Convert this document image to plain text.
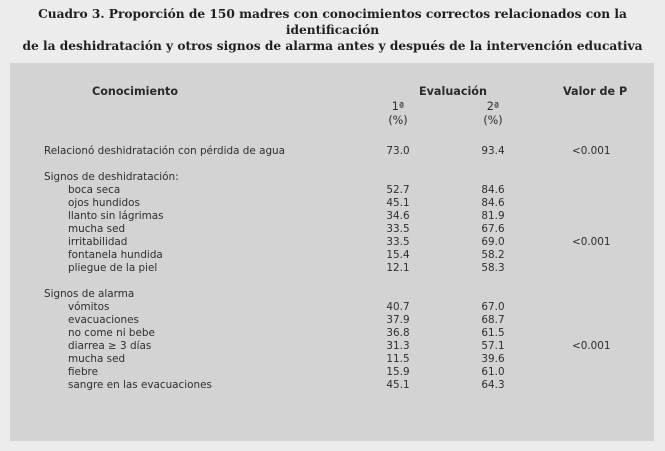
Cuadro 3. Proporción de 150 madres con conocimientos correctos relacionados con la identificación
de la deshidratación y otros signos de alarma antes y después de la intervención educativa
Conocimiento	Evaluación	Valor de P
1ª	2ª
(%)	(%)
Relacionó deshidratación con pérdida de agua	73.0	93.4	<0.001
Signos de deshidratación:
boca seca	52.7	84.6
ojos hundidos	45.1	84.6
llanto sin lágrimas	34.6	81.9
mucha sed	33.5	67.6
irritabilidad	33.5	69.0	<0.001
fontanela hundida	15.4	58.2
pliegue de la piel	12.1	58.3
Signos de alarma
vómitos	40.7	67.0
evacuaciones	37.9	68.7
no come ni bebe	36.8	61.5
diarrea ≥ 3 días	31.3	57.1	<0.001
mucha sed	11.5	39.6
fiebre	15.9	61.0
sangre en las evacuaciones	45.1	64.3
